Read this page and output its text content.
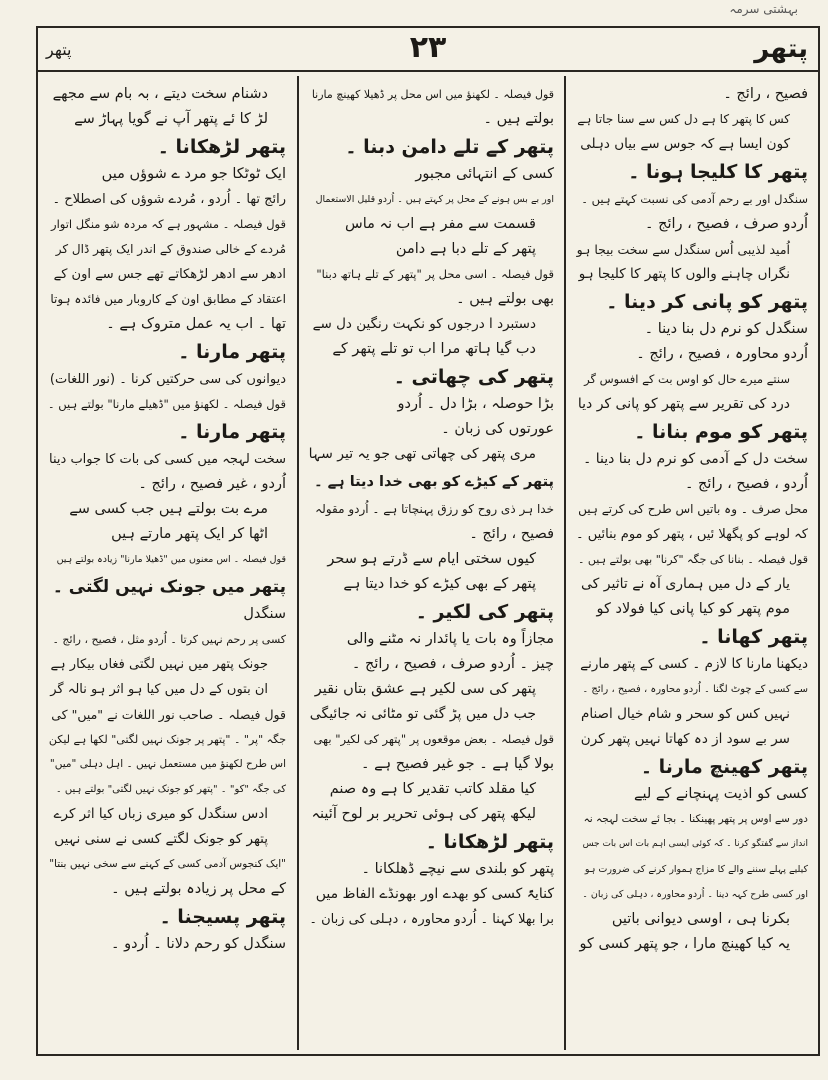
بہشتی سرمہ
پتھر	۲۳	پتھر
فصیح ، رائج ۔
کس کا پتھر کا ہے دل کس سے سنا جاتا ہے
کون ایسا ہے کہ جوس سے بیاں دہلی
پتھر کا کلیجا ہونا ۔
سنگدل اور بے رحم آدمی کی نسبت کہتے ہیں ۔
اُردو صرف ، فصیح ، رائج ۔
اُمید لذیبی اُس سنگدل سے سخت بیجا ہو
نگراں چاہنے والوں کا پتھر کا کلیجا ہو
پتھر کو پانی کر دینا ۔
سنگدل کو نرم دل بنا دینا ۔
اُردو محاورہ ، فصیح ، رائج ۔
سنتے میرے حال کو اوس بت کے افسوس گر
درد کی تقریر سے پتھر کو پانی کر دیا
پتھر کو موم بنانا ۔
سخت دل کے آدمی کو نرم دل بنا دینا ۔
اُردو ، فصیح ، رائج ۔
محل صرف ۔ وہ باتیں اس طرح کی کرتے ہیں
کہ لوہے کو پگھلا ئیں ، پتھر کو موم بنائیں ۔
قول فیصلہ ۔ بنانا کی جگہ "کرنا" بھی بولتے ہیں ۔
یار کے دل میں ہماری آہ نے تاثیر کی
موم پتھر کو کیا پانی کیا فولاد کو
پتھر کھانا ۔
دیکھنا مارنا کا لازم ۔ کسی کے پتھر مارنے
سے کسی کے چوٹ لگنا ۔ اُردو محاورہ ، فصیح ، رائج ۔
نہیں کس کو سحر و شام خیال اصنام
سر بے سود از دہ کھاتا نہیں پتھر کرن
پتھر کھینچ مارنا ۔
کسی کو اذیت پہنچانے کے لیے
دور سے اوس پر پتھر پھینکنا ۔ بجا ئے سخت لہجہ نہ
انداز سے گفتگو کرنا ۔ کہ کوئی ایسی اہم بات اس بات جس
کیلیے پہلے سننے والے کا مزاج ہموار کرنے کی ضرورت ہو
اور کسی طرح کہہ دینا ۔ اُردو محاورہ ، دہلی کی زبان ۔
بکرنا ہی ، اوسی دیوانی باتیں
یہ کیا کھینچ مارا ، جو پتھر کسی کو
قول فیصلہ ۔ لکھنؤ میں اس محل پر ڈھیلا کھینچ مارنا
بولتے ہیں ۔
پتھر کے تلے دامن دبنا ۔
کسی کے انتہائی مجبور
اور بے بس ہونے کے محل پر کہتے ہیں ۔ اُردو قلیل الاستعمال
قسمت سے مفر ہے اب نہ ماس
پتھر کے تلے دبا ہے دامن
قول فیصلہ ۔ اسی محل پر "پتھر کے تلے ہاتھ دبنا"
بھی بولتے ہیں ۔
دستبرد ا درجوں کو نکہت رنگین دل سے
دب گیا ہاتھ مرا اب تو تلے پتھر کے
پتھر کی چھاتی ۔
بڑا حوصلہ ، بڑا دل ۔ اُردو
عورتوں کی زبان ۔
مری پتھر کی چھاتی تھی جو یہ تیر سہا
پتھر کے کیڑے کو بھی خدا دیتا ہے ۔
خدا ہر ذی روح کو رزق پہنچاتا ہے ۔ اُردو مقولہ
فصیح ، رائج ۔
کیوں سختی ایام سے ڈرتے ہو سحر
پتھر کے بھی کیڑے کو خدا دیتا ہے
پتھر کی لکیر ۔
مجازاً وہ بات یا پائدار نہ مٹنے والی
چیز ۔ اُردو صرف ، فصیح ، رائج ۔
پتھر کی سی لکیر ہے عشق بتاں نقیر
جب دل میں پڑ گئی تو مٹائی نہ جائیگی
قول فیصلہ ۔ بعض موقعوں پر "پتھر کی لکیر" بھی
بولا گیا ہے ۔ جو غیر فصیح ہے ۔
کیا مقلد کاتب تقدیر کا ہے وہ صنم
لیکھ پتھر کی ہوئی تحریر بر لوح آئینہ
پتھر لڑھکانا ۔
پتھر کو بلندی سے نیچے ڈھلکانا ۔
کنایۃً کسی کو بھدے اور بھونڈے الفاظ میں
برا بھلا کہنا ۔ اُردو محاورہ ، دہلی کی زبان ۔
دشنام سخت دیتے ، بہ بام سے مجھے
لڑ کا ئے پتھر آپ نے گویا پہاڑ سے
پتھر لڑھکانا ۔
ایک ٹوٹکا جو مرد ے شوؤں میں
رائج تھا ۔ اُردو ، مُردے شوؤں کی اصطلاح ۔
قول فیصلہ ۔ مشہور ہے کہ مردہ شو منگل اتوار
مُردے کے خالی صندوق کے اندر ایک پتھر ڈال کر
ادھر سے ادھر لڑھکاتے تھے جس سے اون کے
اعتقاد کے مطابق اون کے کاروبار میں فائدہ ہوتا
تھا ۔ اب یہ عمل متروک ہے ۔
پتھر مارنا ۔
دیوانوں کی سی حرکتیں کرنا ۔ (نور اللغات)
قول فیصلہ ۔ لکھنؤ میں "ڈھیلے مارنا" بولتے ہیں ۔
پتھر مارنا ۔
سخت لہجہ میں کسی کی بات کا جواب دینا
اُردو ، غیر فصیح ، رائج ۔
مرے بت بولتے ہیں جب کسی سے
اٹھا کر ایک پتھر مارتے ہیں
قول فیصلہ ۔ اس معنوں میں "ڈھیلا مارنا" زیادہ بولتے ہیں
پتھر میں جونک نہیں لگتی ۔
سنگدل
کسی پر رحم نہیں کرتا ۔ اُردو مثل ، فصیح ، رائج ۔
جونک پتھر میں نہیں لگتی فغاں بیکار ہے
ان بتوں کے دل میں کیا ہو اثر ہو نالہ گر
قول فیصلہ ۔ صاحب نور اللغات نے "میں" کی
جگہ "پر" ۔ "پتھر پر جونک نہیں لگتی" لکھا ہے لیکن
اس طرح لکھنؤ میں مستعمل نہیں ۔ اہل دہلی "میں"
کی جگہ "کو" ۔ "پتھر کو جونک نہیں لگتی" بولتے ہیں ۔
ادس سنگدل کو میری زباں کیا اثر کرے
پتھر کو جونک لگتے کسی نے سنی نہیں
"ایک کنجوس آدمی کسی کے کہنے سے سخی نہیں بنتا"
کے محل پر زیادہ بولتے ہیں ۔
پتھر پسیجنا ۔
سنگدل کو رحم دلانا ۔ اُردو ۔
